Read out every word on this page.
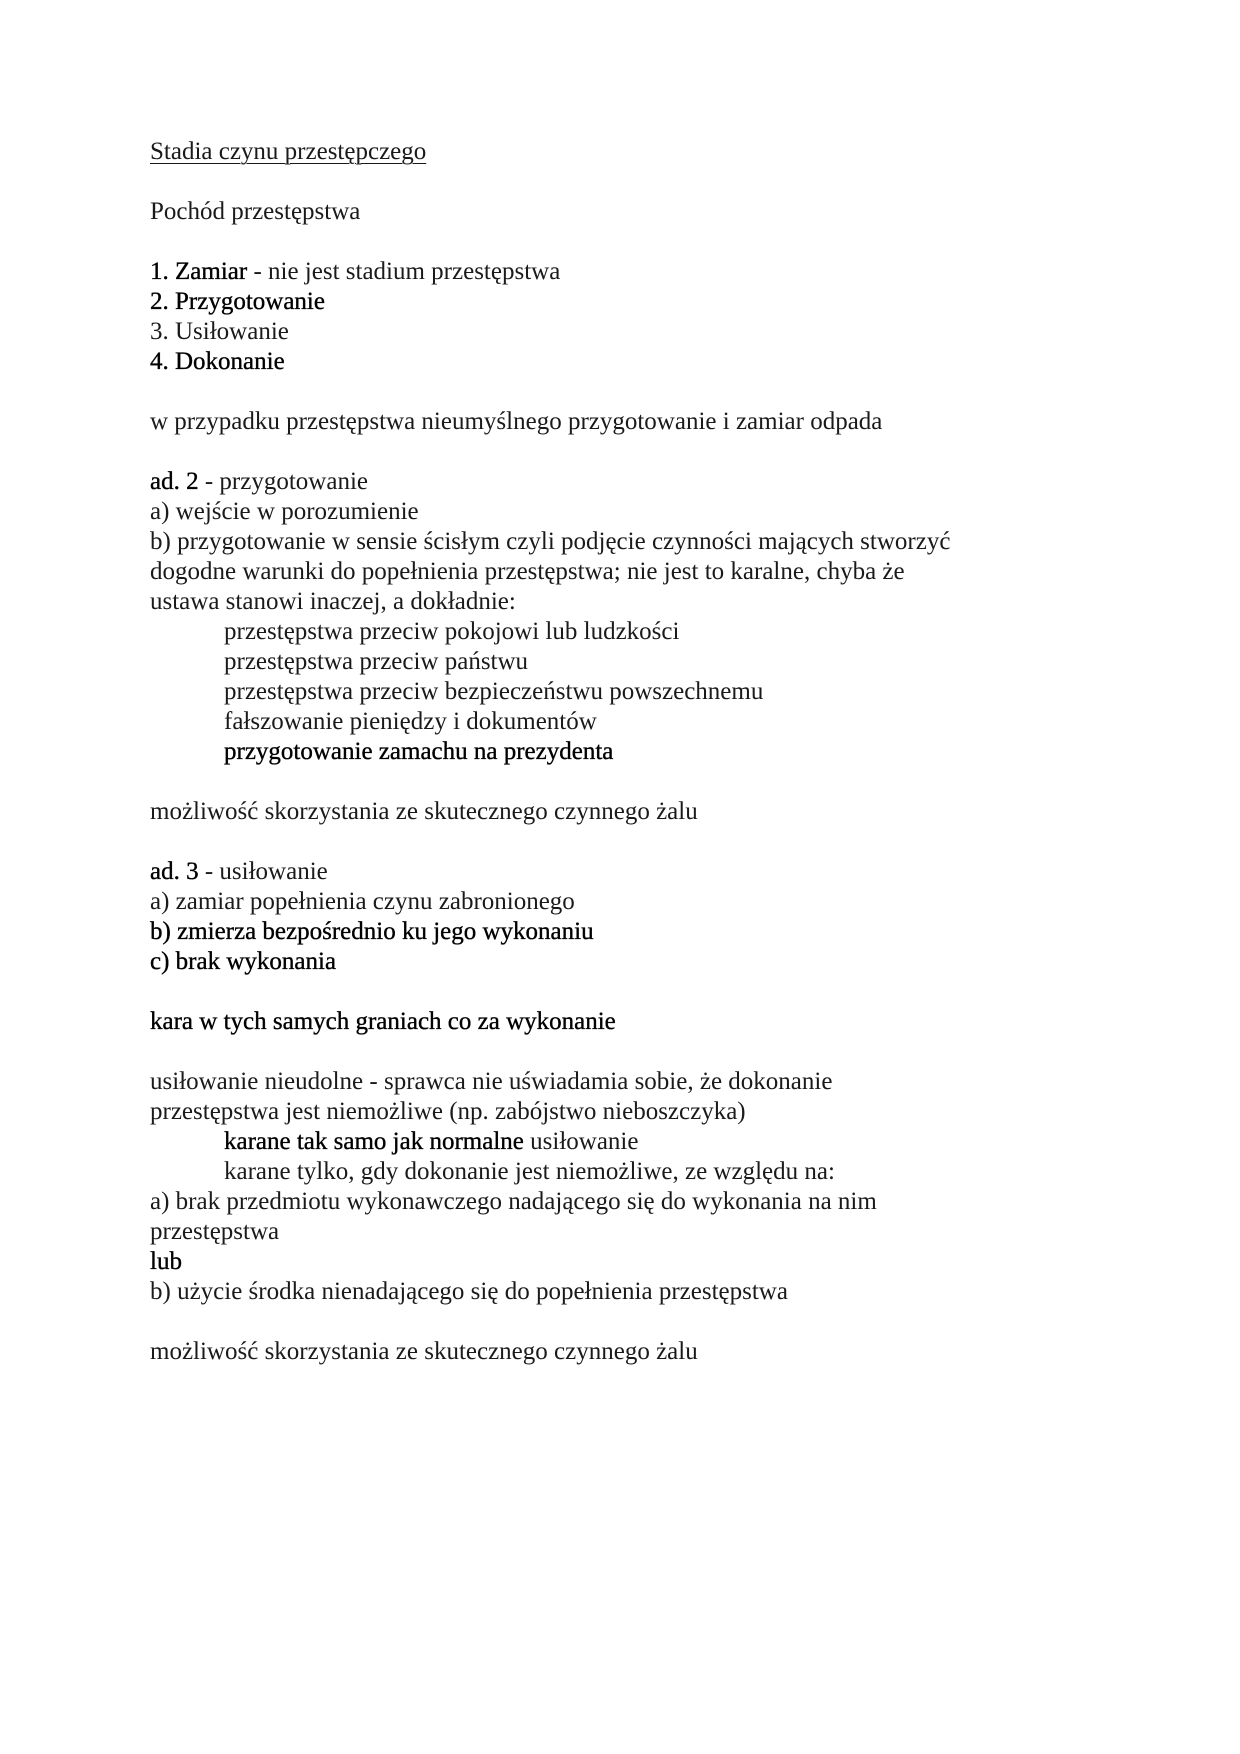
Stadia czynu przestępczego
Pochód przestępstwa
1. Zamiar - nie jest stadium przestępstwa
2. Przygotowanie
3. Usiłowanie
4. Dokonanie
w przypadku przestępstwa nieumyślnego przygotowanie i zamiar odpada
ad. 2 - przygotowanie
a) wejście w porozumienie
b) przygotowanie w sensie ścisłym czyli podjęcie czynności mających stworzyć
dogodne warunki do popełnienia przestępstwa; nie jest to karalne, chyba że
ustawa stanowi inaczej, a dokładnie:
przestępstwa przeciw pokojowi lub ludzkości
przestępstwa przeciw państwu
przestępstwa przeciw bezpieczeństwu powszechnemu
fałszowanie pieniędzy i dokumentów
przygotowanie zamachu na prezydenta
możliwość skorzystania ze skutecznego czynnego żalu
ad. 3 - usiłowanie
a) zamiar popełnienia czynu zabronionego
b) zmierza bezpośrednio ku jego wykonaniu
c) brak wykonania
kara w tych samych graniach co za wykonanie
usiłowanie nieudolne - sprawca nie uświadamia sobie, że dokonanie
przestępstwa jest niemożliwe (np. zabójstwo nieboszczyka)
karane tak samo jak normalne usiłowanie
karane tylko, gdy dokonanie jest niemożliwe, ze względu na:
a) brak przedmiotu wykonawczego nadającego się do wykonania na nim
przestępstwa
lub
b) użycie środka nienadającego się do popełnienia przestępstwa
możliwość skorzystania ze skutecznego czynnego żalu
